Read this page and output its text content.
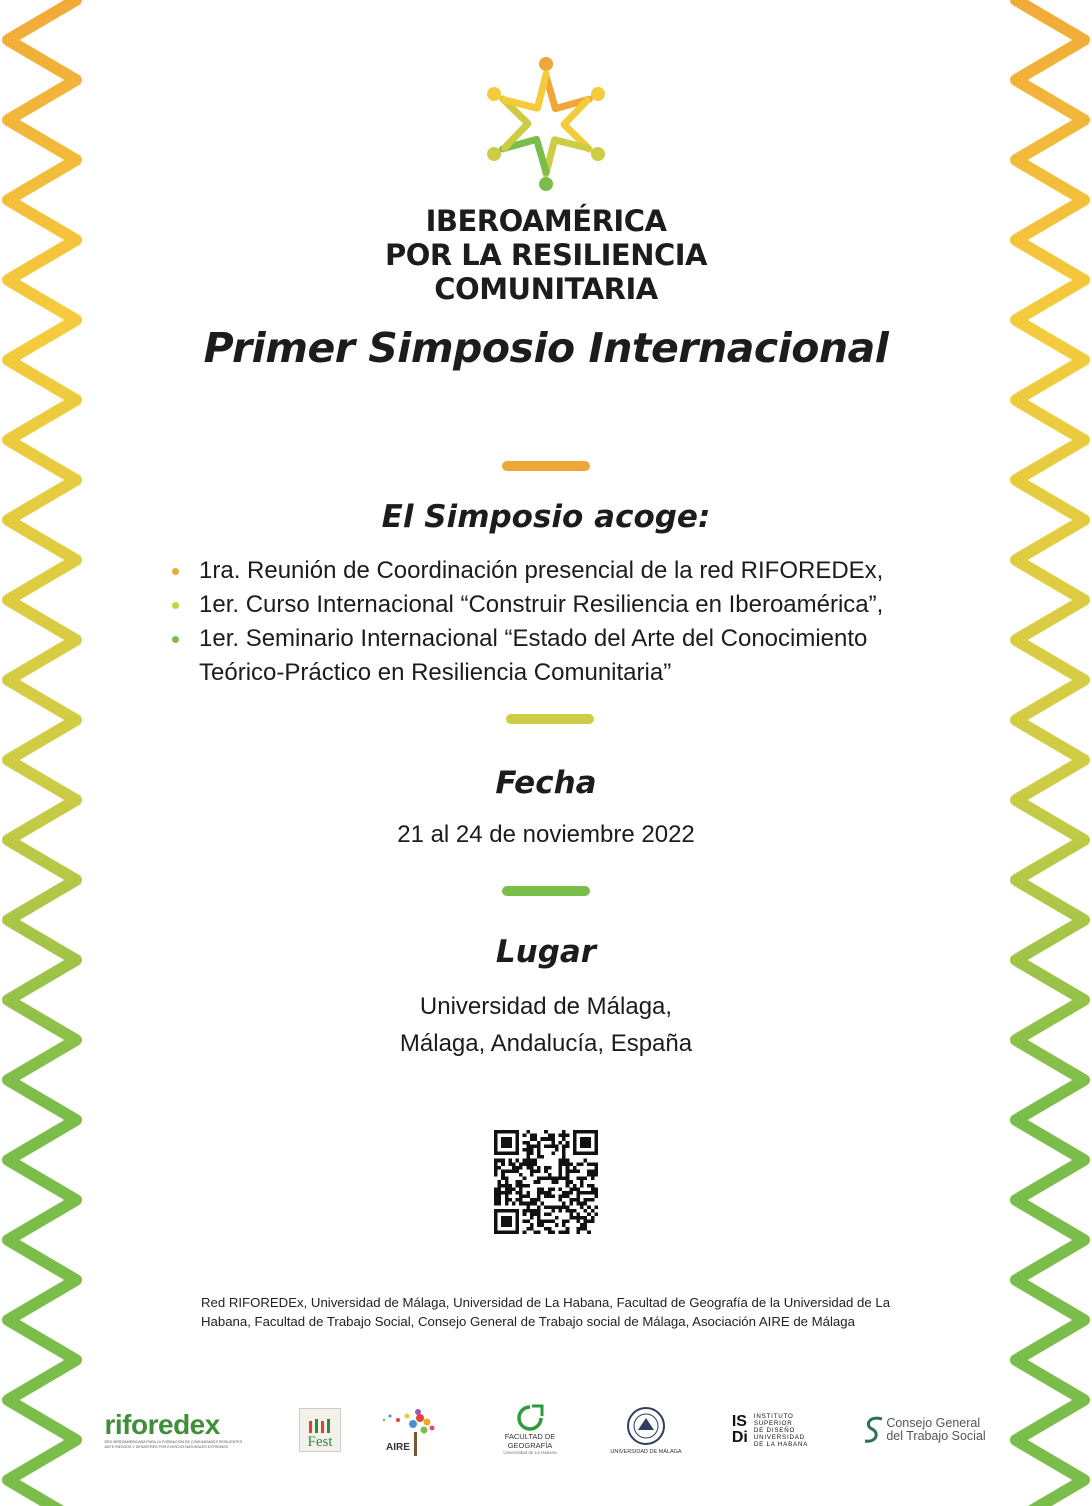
IBEROAMÉRICA
POR LA RESILIENCIA
COMUNITARIA
Primer Simposio Internacional
El Simposio acoge:
1ra. Reunión de Coordinación presencial de la red RIFOREDEx,
1er. Curso Internacional “Construir Resiliencia en Iberoamérica”,
1er. Seminario Internacional “Estado del Arte del Conocimiento Teórico-Práctico en Resiliencia Comunitaria”
Fecha
21 al 24 de noviembre 2022
Lugar
Universidad de Málaga,
Málaga, Andalucía, España
Red RIFOREDEx, Universidad de Málaga, Universidad de La Habana, Facultad de Geografía de la Universidad de La Habana, Facultad de Trabajo Social, Consejo General de Trabajo social de Málaga, Asociación AIRE de Málaga
riforedex
RED IBEROAMERICANA PARA LA FORMACIÓN DE COMUNIDADES RESILIENTES ANTE RIESGOS Y DESASTRES POR EVENTOS NATURALES EXTREMOS	Fest	AIRE
FACULTAD DE
GEOGRAFÍA
Universidad de La Habana	UNIVERSIDAD DE MÁLAGA
IS
Di
INSTITUTO
SUPERIOR
DE DISEÑO
UNIVERSIDAD
DE LA HABANA
Consejo General
del Trabajo Social
